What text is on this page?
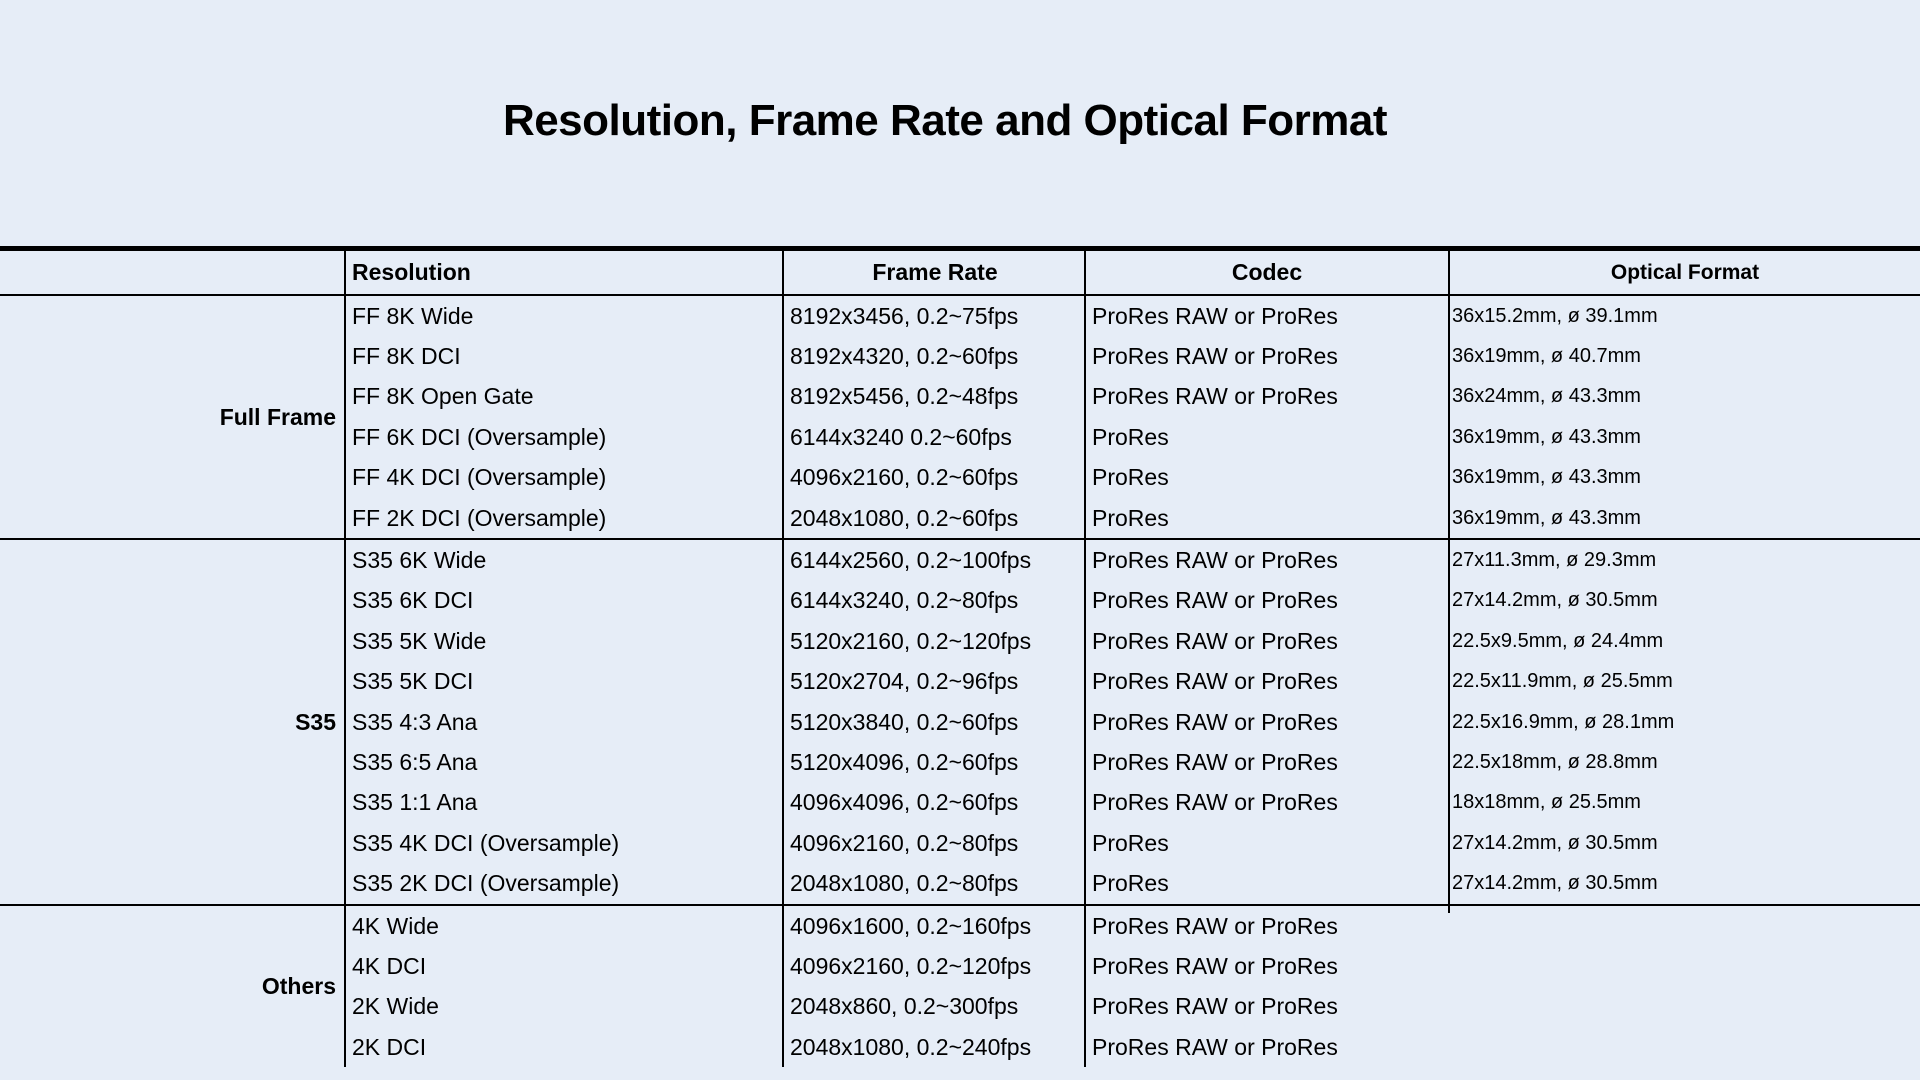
Resolution, Frame Rate and Optical Format
Resolution	Frame Rate	Codec	Optical Format
Full Frame
FF 8K Wide	8192x3456, 0.2~75fps	ProRes RAW or ProRes	36x15.2mm, ø 39.1mm
FF 8K DCI	8192x4320, 0.2~60fps	ProRes RAW or ProRes	36x19mm, ø 40.7mm
FF 8K Open Gate	8192x5456, 0.2~48fps	ProRes RAW or ProRes	36x24mm, ø 43.3mm
FF 6K DCI (Oversample)	6144x3240 0.2~60fps	ProRes	36x19mm, ø 43.3mm
FF 4K DCI (Oversample)	4096x2160, 0.2~60fps	ProRes	36x19mm, ø 43.3mm
FF 2K DCI (Oversample)	2048x1080, 0.2~60fps	ProRes	36x19mm, ø 43.3mm
S35
S35 6K Wide	6144x2560, 0.2~100fps	ProRes RAW or ProRes	27x11.3mm, ø 29.3mm
S35 6K DCI	6144x3240, 0.2~80fps	ProRes RAW or ProRes	27x14.2mm, ø 30.5mm
S35 5K Wide	5120x2160, 0.2~120fps	ProRes RAW or ProRes	22.5x9.5mm, ø 24.4mm
S35 5K DCI	5120x2704, 0.2~96fps	ProRes RAW or ProRes	22.5x11.9mm, ø 25.5mm
S35 4:3 Ana	5120x3840, 0.2~60fps	ProRes RAW or ProRes	22.5x16.9mm, ø 28.1mm
S35 6:5 Ana	5120x4096, 0.2~60fps	ProRes RAW or ProRes	22.5x18mm, ø 28.8mm
S35 1:1 Ana	4096x4096, 0.2~60fps	ProRes RAW or ProRes	18x18mm, ø 25.5mm
S35 4K DCI (Oversample)	4096x2160, 0.2~80fps	ProRes	27x14.2mm, ø 30.5mm
S35 2K DCI (Oversample)	2048x1080, 0.2~80fps	ProRes	27x14.2mm, ø 30.5mm
Others
4K Wide	4096x1600, 0.2~160fps	ProRes RAW or ProRes
4K DCI	4096x2160, 0.2~120fps	ProRes RAW or ProRes
2K Wide	2048x860, 0.2~300fps	ProRes RAW or ProRes
2K DCI	2048x1080, 0.2~240fps	ProRes RAW or ProRes
